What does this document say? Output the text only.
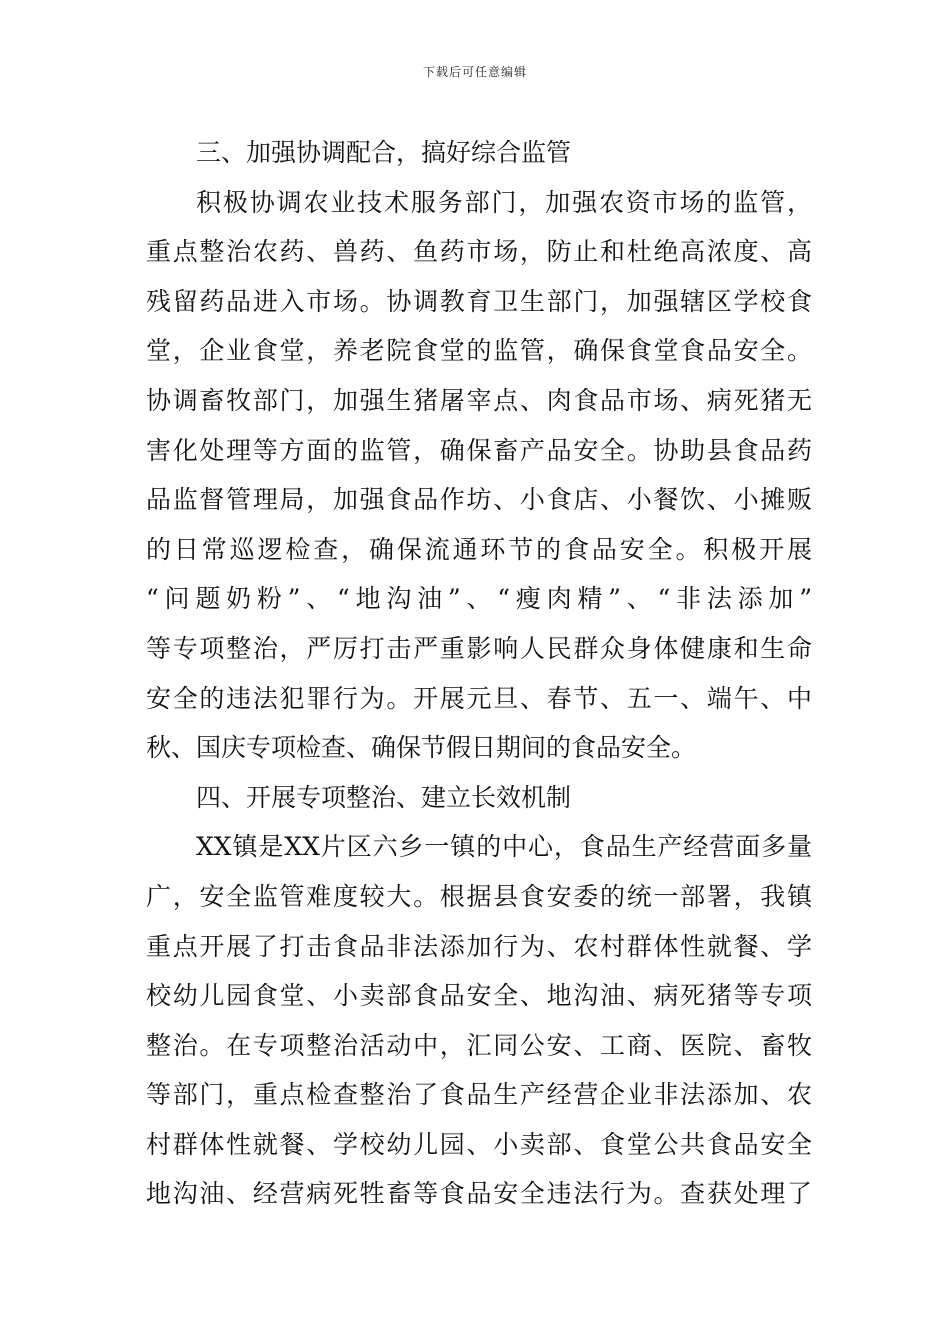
下载后可任意编辑
三、加强协调配合，搞好综合监管
积极协调农业技术服务部门，加强农资市场的监管，
重点整治农药、兽药、鱼药市场，防止和杜绝高浓度、高
残留药品进入市场。协调教育卫生部门，加强辖区学校食
堂，企业食堂，养老院食堂的监管，确保食堂食品安全。
协调畜牧部门，加强生猪屠宰点、肉食品市场、病死猪无
害化处理等方面的监管，确保畜产品安全。协助县食品药
品监督管理局，加强食品作坊、小食店、小餐饮、小摊贩
的日常巡逻检查，确保流通环节的食品安全。积极开展
“问题奶粉”、“地沟油”、“瘦肉精”、“非法添加”
等专项整治，严厉打击严重影响人民群众身体健康和生命
安全的违法犯罪行为。开展元旦、春节、五一、端午、中
秋、国庆专项检查、确保节假日期间的食品安全。
四、开展专项整治、建立长效机制
XX镇是XX片区六乡一镇的中心，食品生产经营面多量
广，安全监管难度较大。根据县食安委的统一部署，我镇
重点开展了打击食品非法添加行为、农村群体性就餐、学
校幼儿园食堂、小卖部食品安全、地沟油、病死猪等专项
整治。在专项整治活动中，汇同公安、工商、医院、畜牧
等部门，重点检查整治了食品生产经营企业非法添加、农
村群体性就餐、学校幼儿园、小卖部、食堂公共食品安全
地沟油、经营病死牲畜等食品安全违法行为。查获处理了
